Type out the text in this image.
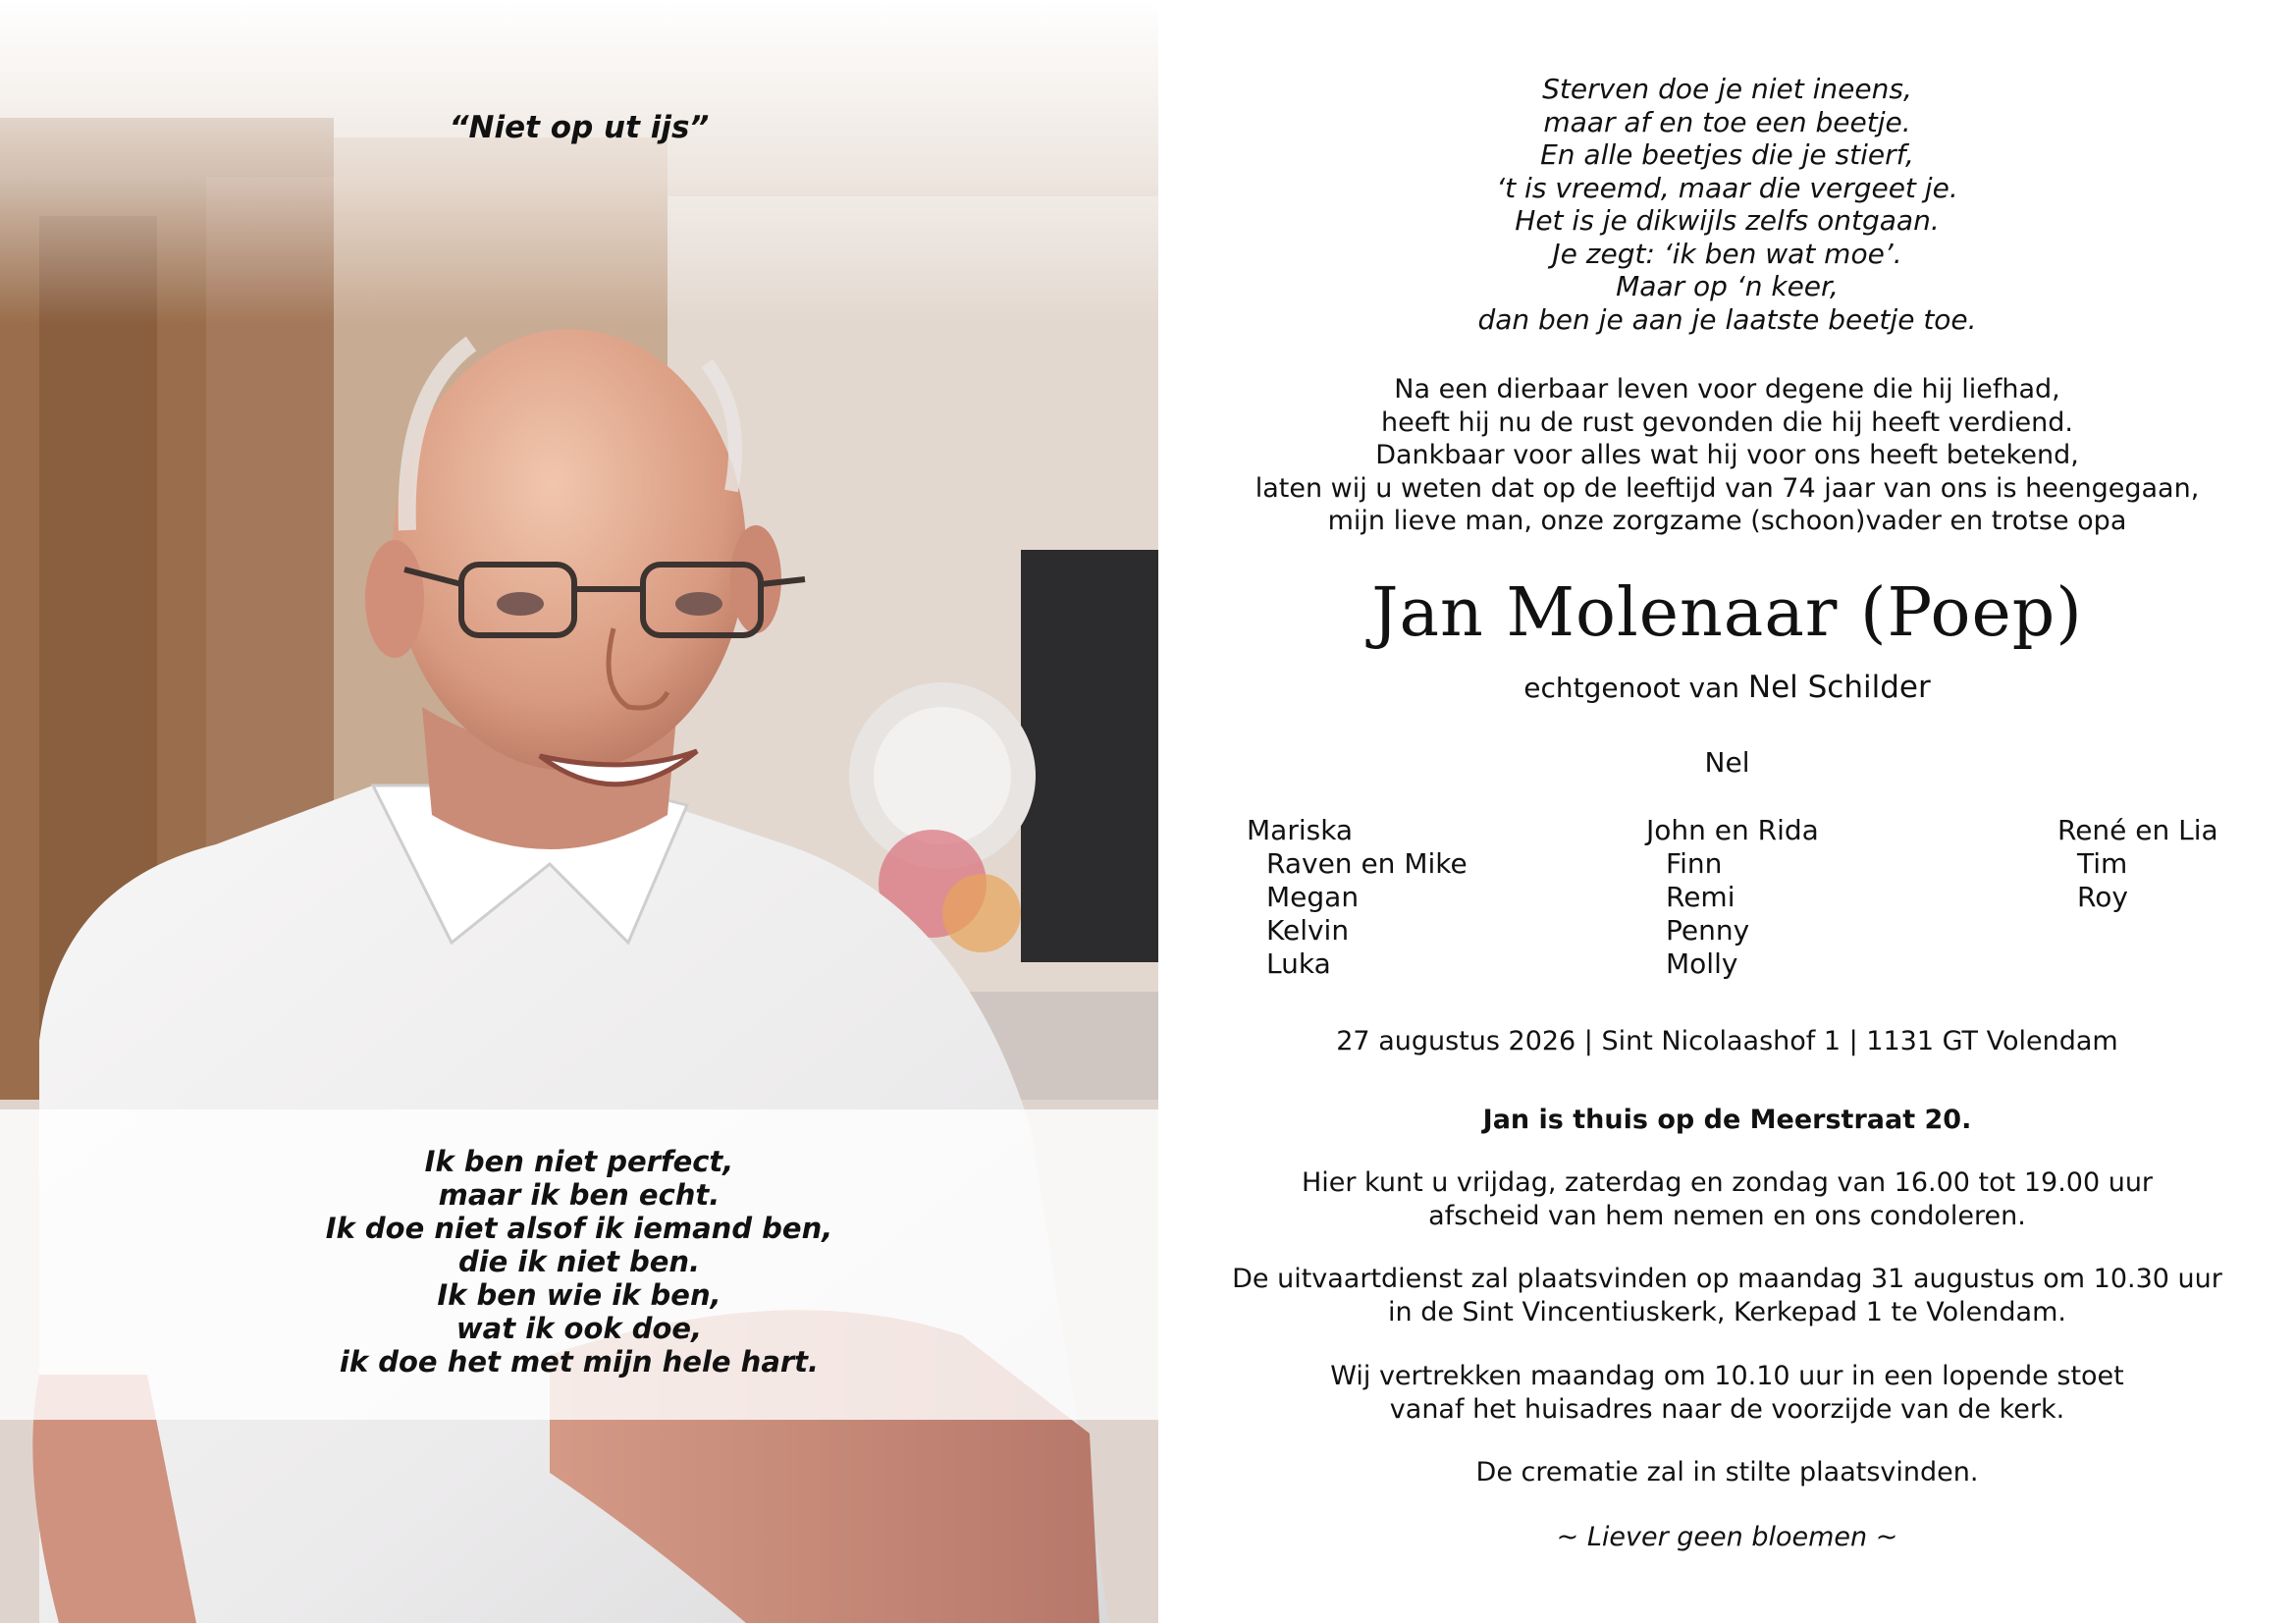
“Niet op ut ijs”
Ik ben niet perfect,
maar ik ben echt.
Ik doe niet alsof ik iemand ben,
die ik niet ben.
Ik ben wie ik ben,
wat ik ook doe,
ik doe het met mijn hele hart.
Sterven doe je niet ineens,
maar af en toe een beetje.
En alle beetjes die je stierf,
‘t is vreemd, maar die vergeet je.
Het is je dikwijls zelfs ontgaan.
Je zegt: ‘ik ben wat moe’.
Maar op ‘n keer,
dan ben je aan je laatste beetje toe.
Na een dierbaar leven voor degene die hij liefhad,
heeft hij nu de rust gevonden die hij heeft verdiend.
Dankbaar voor alles wat hij voor ons heeft betekend,
laten wij u weten dat op de leeftijd van 74 jaar van ons is heengegaan,
mijn lieve man, onze zorgzame (schoon)vader en trotse opa
Jan Molenaar (Poep)
echtgenoot van Nel Schilder
Nel
Mariska
Raven en Mike
Megan
Kelvin
Luka
John en Rida
Finn
Remi
Penny
Molly
René en Lia
Tim
Roy
27 augustus 2026 | Sint Nicolaashof 1 | 1131 GT Volendam
Jan is thuis op de Meerstraat 20.
Hier kunt u vrijdag, zaterdag en zondag van 16.00 tot 19.00 uur
afscheid van hem nemen en ons condoleren.
De uitvaartdienst zal plaatsvinden op maandag 31 augustus om 10.30 uur
in de Sint Vincentiuskerk, Kerkepad 1 te Volendam.
Wij vertrekken maandag om 10.10 uur in een lopende stoet
vanaf het huisadres naar de voorzijde van de kerk.
De crematie zal in stilte plaatsvinden.
~ Liever geen bloemen ~
